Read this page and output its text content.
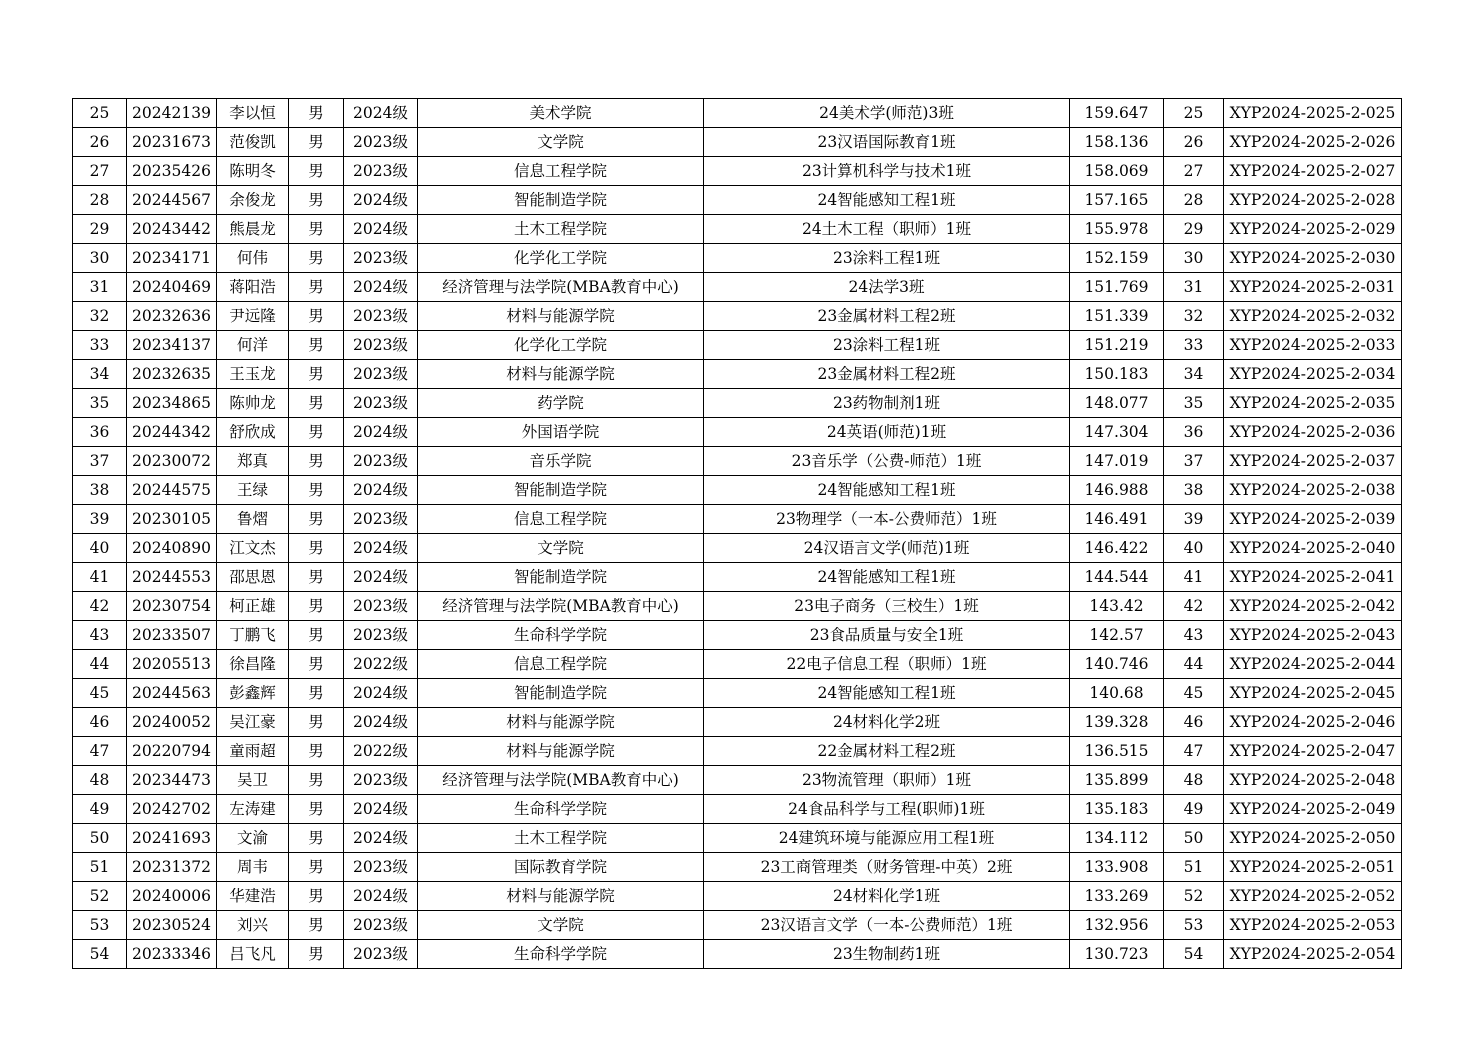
25	20242139	李以恒	男	2024级	美术学院	24美术学(师范)3班	159.647	25	XYP2024-2025-2-025
26	20231673	范俊凯	男	2023级	文学院	23汉语国际教育1班	158.136	26	XYP2024-2025-2-026
27	20235426	陈明冬	男	2023级	信息工程学院	23计算机科学与技术1班	158.069	27	XYP2024-2025-2-027
28	20244567	余俊龙	男	2024级	智能制造学院	24智能感知工程1班	157.165	28	XYP2024-2025-2-028
29	20243442	熊晨龙	男	2024级	土木工程学院	24土木工程（职师）1班	155.978	29	XYP2024-2025-2-029
30	20234171	何伟	男	2023级	化学化工学院	23涂料工程1班	152.159	30	XYP2024-2025-2-030
31	20240469	蒋阳浩	男	2024级	经济管理与法学院(MBA教育中心)	24法学3班	151.769	31	XYP2024-2025-2-031
32	20232636	尹远隆	男	2023级	材料与能源学院	23金属材料工程2班	151.339	32	XYP2024-2025-2-032
33	20234137	何洋	男	2023级	化学化工学院	23涂料工程1班	151.219	33	XYP2024-2025-2-033
34	20232635	王玉龙	男	2023级	材料与能源学院	23金属材料工程2班	150.183	34	XYP2024-2025-2-034
35	20234865	陈帅龙	男	2023级	药学院	23药物制剂1班	148.077	35	XYP2024-2025-2-035
36	20244342	舒欣成	男	2024级	外国语学院	24英语(师范)1班	147.304	36	XYP2024-2025-2-036
37	20230072	郑真	男	2023级	音乐学院	23音乐学（公费-师范）1班	147.019	37	XYP2024-2025-2-037
38	20244575	王绿	男	2024级	智能制造学院	24智能感知工程1班	146.988	38	XYP2024-2025-2-038
39	20230105	鲁熠	男	2023级	信息工程学院	23物理学（一本-公费师范）1班	146.491	39	XYP2024-2025-2-039
40	20240890	江文杰	男	2024级	文学院	24汉语言文学(师范)1班	146.422	40	XYP2024-2025-2-040
41	20244553	邵思恩	男	2024级	智能制造学院	24智能感知工程1班	144.544	41	XYP2024-2025-2-041
42	20230754	柯正雄	男	2023级	经济管理与法学院(MBA教育中心)	23电子商务（三校生）1班	143.42	42	XYP2024-2025-2-042
43	20233507	丁鹏飞	男	2023级	生命科学学院	23食品质量与安全1班	142.57	43	XYP2024-2025-2-043
44	20205513	徐昌隆	男	2022级	信息工程学院	22电子信息工程（职师）1班	140.746	44	XYP2024-2025-2-044
45	20244563	彭鑫辉	男	2024级	智能制造学院	24智能感知工程1班	140.68	45	XYP2024-2025-2-045
46	20240052	吴江豪	男	2024级	材料与能源学院	24材料化学2班	139.328	46	XYP2024-2025-2-046
47	20220794	童雨超	男	2022级	材料与能源学院	22金属材料工程2班	136.515	47	XYP2024-2025-2-047
48	20234473	吴卫	男	2023级	经济管理与法学院(MBA教育中心)	23物流管理（职师）1班	135.899	48	XYP2024-2025-2-048
49	20242702	左涛建	男	2024级	生命科学学院	24食品科学与工程(职师)1班	135.183	49	XYP2024-2025-2-049
50	20241693	文渝	男	2024级	土木工程学院	24建筑环境与能源应用工程1班	134.112	50	XYP2024-2025-2-050
51	20231372	周韦	男	2023级	国际教育学院	23工商管理类（财务管理-中英）2班	133.908	51	XYP2024-2025-2-051
52	20240006	华建浩	男	2024级	材料与能源学院	24材料化学1班	133.269	52	XYP2024-2025-2-052
53	20230524	刘兴	男	2023级	文学院	23汉语言文学（一本-公费师范）1班	132.956	53	XYP2024-2025-2-053
54	20233346	吕飞凡	男	2023级	生命科学学院	23生物制药1班	130.723	54	XYP2024-2025-2-054
